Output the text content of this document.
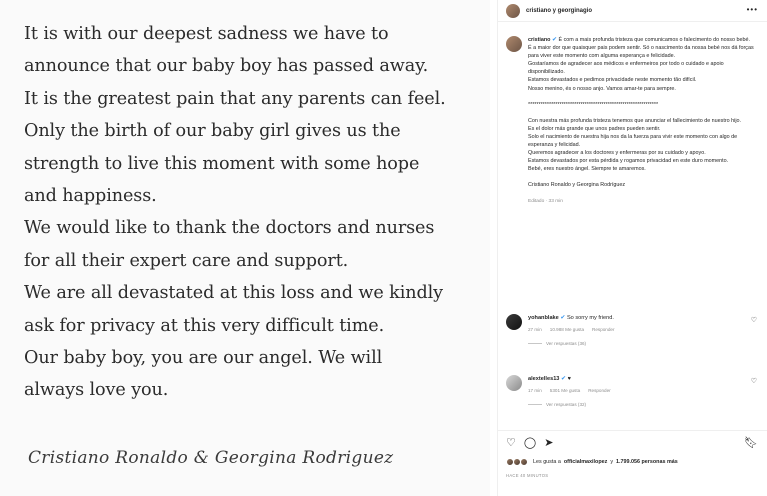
It is with our deepest sadness we have to
announce that our baby boy has passed away.
It is the greatest pain that any parents can feel.
Only the birth of our baby girl gives us the
strength to live this moment with some hope
and happiness.
We would like to thank the doctors and nurses
for all their expert care and support.
We are all devastated at this loss and we kindly
ask for privacy at this very difficult time.
Our baby boy, you are our angel. We will
always love you.
Cristiano Ronaldo & Georgina Rodriguez
cristiano y georginagio	•••

cristiano ✔ É com a mais profunda tristeza que comunicamos o falecimento do nosso bebé.

É a maior dor que quaisquer pais podem sentir. Só o nascimento da nossa bebé nos dá forças para viver este momento com alguma esperança e felicidade.

Gostaríamos de agradecer aos médicos e enfermeiros por todo o cuidado e apoio disponibilizado.

Estamos devastados e pedimos privacidade neste momento tão difícil.

Nosso menino, és o nosso anjo. Vamos amar-te para sempre.

**************************************************************

Con nuestra más profunda tristeza tenemos que anunciar el fallecimiento de nuestro hijo.

Es el dolor más grande que unos padres pueden sentir.

Solo el nacimiento de nuestra hija nos da la fuerza para vivir este momento con algo de esperanza y felicidad.

Queremos agradecer a los doctores y enfermeras por su cuidado y apoyo.

Estamos devastados por esta pérdida y rogamos privacidad en este duro momento.

Bebé, eres nuestro ángel. Siempre te amaremos.

Cristiano Ronaldo y Georgina Rodríguez

Editado · 33 min
yohanblake ✔ So sorry my friend.
27 min 10.988 Me gusta Responder
Ver respuestas (36)
♡
alextelles13 ✔ ♥
17 min 5301 Me gusta Responder
Ver respuestas (32)
♡
♡ ◯ ➤	🔖︎
Les gusta a officialmaxilopez y 1.799.056 personas más
HACE 40 MINUTOS
